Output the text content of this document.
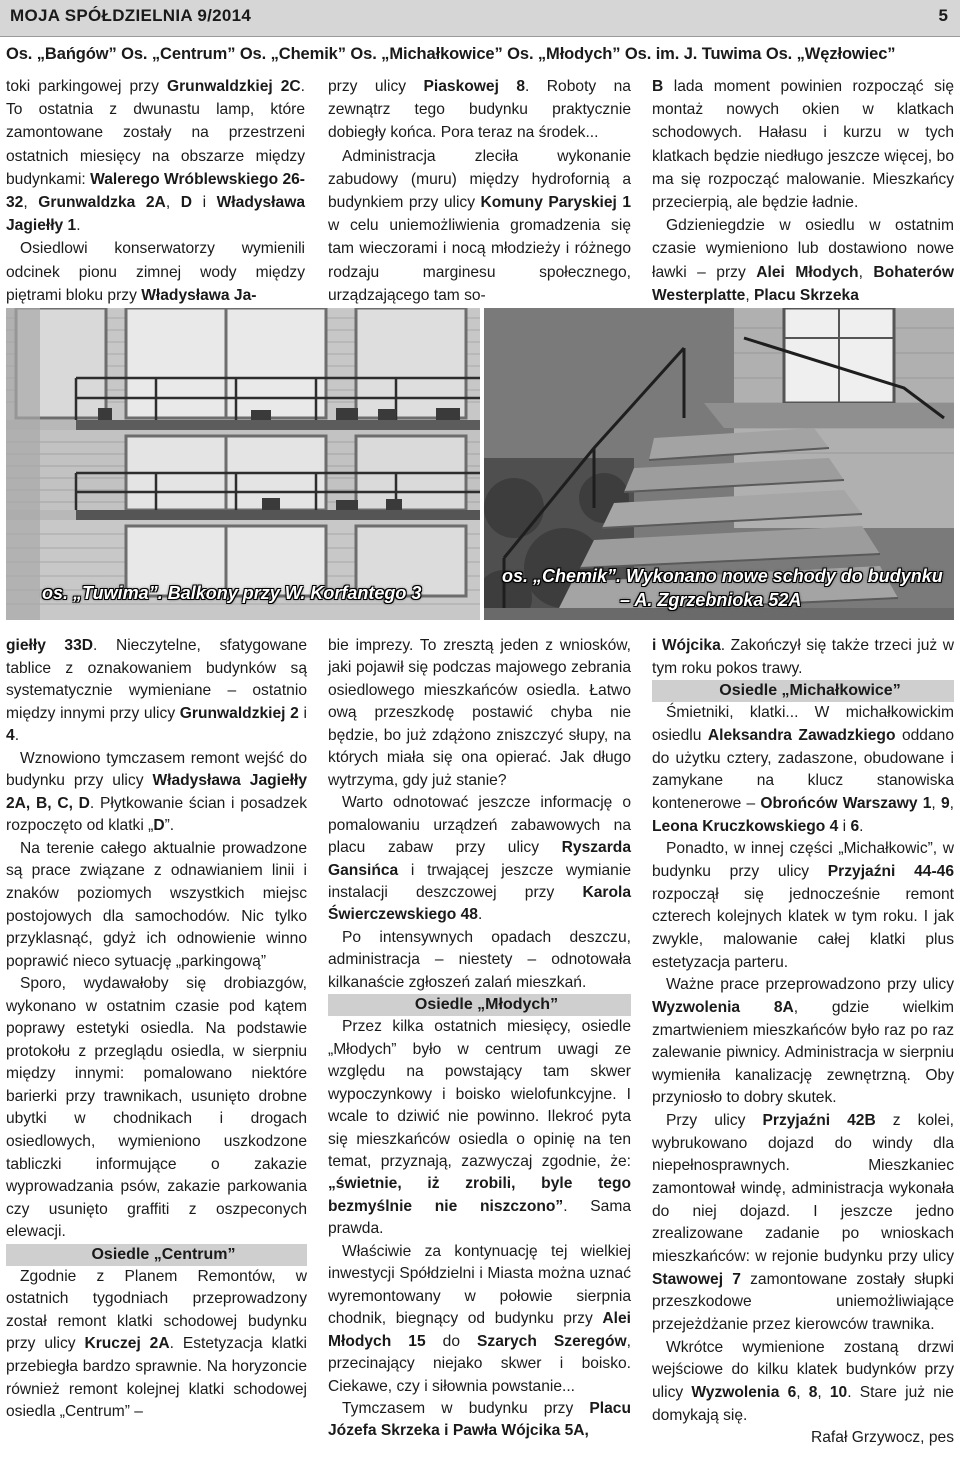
MOJA SPÓŁDZIELNIA 9/2014	5
Os. „Bańgów” Os. „Centrum” Os. „Chemik” Os. „Michałkowice” Os. „Młodych” Os. im. J. Tuwima Os. „Węzłowiec”

toki parkingowej przy Grunwaldzkiej 2C. To ostatnia z dwunastu lamp, które zamontowane zostały na przestrzeni ostatnich miesięcy na obszarze między budynkami: Walerego Wróblewskiego 26-32, Grunwaldzka 2A, D i Władysława Jagiełły 1.

Osiedlowi konserwatorzy wymienili odcinek pionu zimnej wody między piętrami bloku przy Władysława Ja-

przy ulicy Piaskowej 8. Roboty na zewnątrz tego budynku praktycznie dobiegły końca. Pora teraz na środek...

Administracja zleciła wykonanie zabudowy (muru) między hydrofornią a budynkiem przy ulicy Komuny Paryskiej 1 w celu uniemożliwienia gromadzenia się tam wieczorami i nocą młodzieży i różnego rodzaju marginesu społecznego, urządzającego tam so-

B lada moment powinien rozpocząć się montaż nowych okien w klatkach schodowych. Hałasu i kurzu w tych klatkach będzie niedługo jeszcze więcej, bo ma się rozpocząć malowanie. Mieszkańcy przecierpią, ale będzie ładnie.

Gdzieniegdzie w osiedlu w ostatnim czasie wymieniono lub dostawiono nowe ławki – przy Alei Młodych, Bohaterów Westerplatte, Placu Skrzeka

os. „Tuwima”. Balkony przy W. Korfantego 3
os. „Chemik”. Wykonano nowe schody do budynku
– A. Zgrzebnioka 52A

giełły 33D. Nieczytelne, sfatygowane tablice z oznakowaniem budynków są systematycznie wymieniane – ostatnio między innymi przy ulicy Grunwaldzkiej 2 i 4.

Wznowiono tymczasem remont wejść do budynku przy ulicy Władysława Jagiełły 2A, B, C, D. Płytkowanie ścian i posadzek rozpoczęto od klatki „D”.

Na terenie całego aktualnie prowadzone są prace związane z odnawianiem linii i znaków poziomych wszystkich miejsc postojowych dla samochodów. Nic tylko przyklasnąć, gdyż ich odnowienie winno poprawić nieco sytuację „parkingową”

Sporo, wydawałoby się drobiazgów, wykonano w ostatnim czasie pod kątem poprawy estetyki osiedla. Na podstawie protokołu z przeglądu osiedla, w sierpniu między innymi: pomalowano niektóre barierki przy trawnikach, usunięto drobne ubytki w chodnikach i drogach osiedlowych, wymieniono uszkodzone tabliczki informujące o zakazie wyprowadzania psów, zakazie parkowania czy usunięto graffiti z oszpeconych elewacji.

Osiedle „Centrum”

Zgodnie z Planem Remontów, w ostatnich tygodniach przeprowadzony został remont klatki schodowej budynku przy ulicy Kruczej 2A. Estetyzacja klatki przebiegła bardzo sprawnie. Na horyzoncie również remont kolejnej klatki schodowej osiedla „Centrum” –

bie imprezy. To zresztą jeden z wniosków, jaki pojawił się podczas majowego zebrania osiedlowego mieszkańców osiedla. Łatwo ową przeszkodę postawić chyba nie będzie, bo już zdążono zniszczyć słupy, na których miała się ona opierać. Jak długo wytrzyma, gdy już stanie?

Warto odnotować jeszcze informację o pomalowaniu urządzeń zabawowych na placu zabaw przy ulicy Ryszarda Gansińca i trwającej jeszcze wymianie instalacji deszczowej przy Karola Świerczewskiego 48.

Po intensywnych opadach deszczu, administracja – niestety – odnotowała kilkanaście zgłoszeń zalań mieszkań.

Osiedle „Młodych”

Przez kilka ostatnich miesięcy, osiedle „Młodych” było w centrum uwagi ze względu na powstający tam skwer wypoczynkowy i boisko wielofunkcyjne. I wcale to dziwić nie powinno. Ilekroć pyta się mieszkańców osiedla o opinię na ten temat, przyznają, zazwyczaj zgodnie, że: „świetnie, iż zrobili, byle tego bezmyślnie nie niszczono”. Sama prawda.

Właściwie za kontynuację tej wielkiej inwestycji Spółdzielni i Miasta można uznać wyremontowany w połowie sierpnia chodnik, biegnący od budynku przy Alei Młodych 15 do Szarych Szeregów, przecinający niejako skwer i boisko. Ciekawe, czy i siłownia powstanie...

Tymczasem w budynku przy Placu Józefa Skrzeka i Pawła Wójcika 5A,

i Wójcika. Zakończył się także trzeci już w tym roku pokos trawy.

Osiedle „Michałkowice”

Śmietniki, klatki... W michałkowickim osiedlu Aleksandra Zawadzkiego oddano do użytku cztery, zadaszone, obudowane i zamykane na klucz stanowiska kontenerowe – Obrońców Warszawy 1, 9, Leona Kruczkowskiego 4 i 6.

Ponadto, w innej części „Michałkowic”, w budynku przy ulicy Przyjaźni 44-46 rozpoczął się jednocześnie remont czterech kolejnych klatek w tym roku. I jak zwykle, malowanie całej klatki plus estetyzacja parteru.

Ważne prace przeprowadzono przy ulicy Wyzwolenia 8A, gdzie wielkim zmartwieniem mieszkańców było raz po raz zalewanie piwnicy. Administracja w sierpniu wymieniła kanalizację zewnętrzną. Oby przyniosło to dobry skutek.

Przy ulicy Przyjaźni 42B z kolei, wybrukowano dojazd do windy dla niepełnosprawnych. Mieszkaniec zamontował windę, administracja wykonała do niej dojazd. I jeszcze jedno zrealizowane zadanie po wnioskach mieszkańców: w rejonie budynku przy ulicy Stawowej 7 zamontowane zostały słupki przeszkodowe uniemożliwiające przejeżdżanie przez kierowców trawnika.

Wkrótce wymienione zostaną drzwi wejściowe do kilku klatek budynków przy ulicy Wyzwolenia 6, 8, 10. Stare już nie domykają się.

Rafał Grzywocz, pes
